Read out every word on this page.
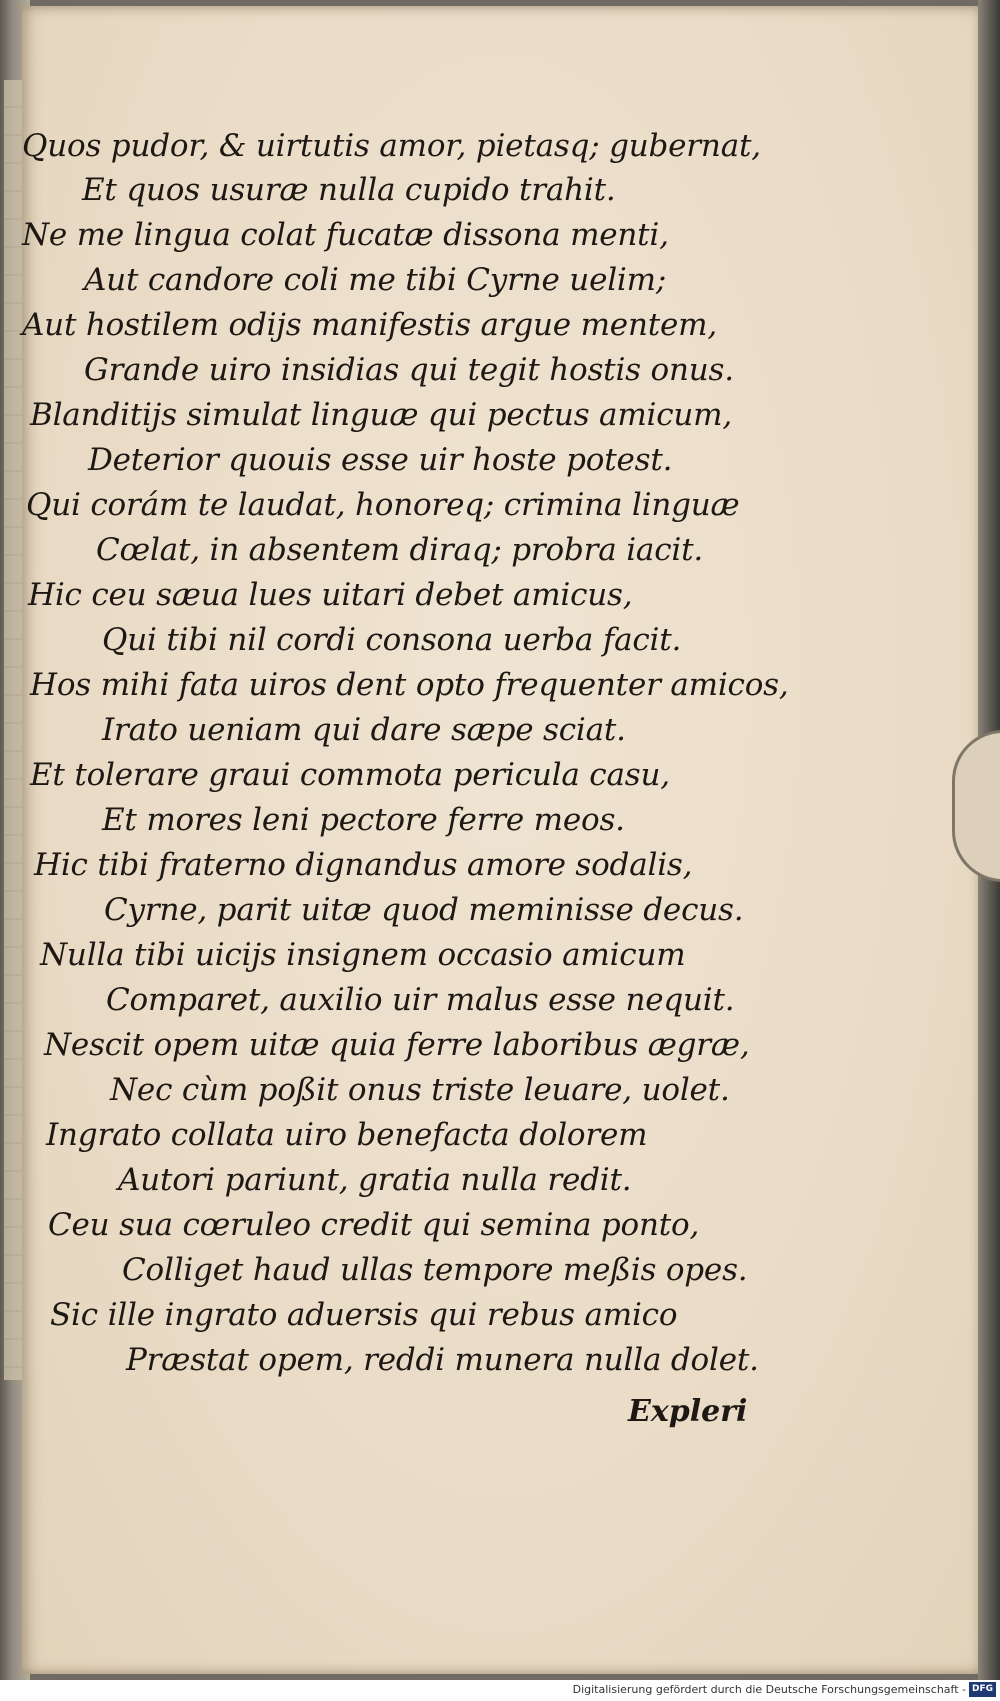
Quos pudor, & uirtutis amor, pietasq; gubernat,
Et quos usuræ nulla cupido trahit.
Ne me lingua colat fucatæ dissona menti,
Aut candore coli me tibi Cyrne uelim;
Aut hostilem odijs manifestis argue mentem,
Grande uiro insidias qui tegit hostis onus.
Blanditijs simulat linguæ qui pectus amicum,
Deterior quouis esse uir hoste potest.
Qui corám te laudat, honoreq; crimina linguæ
Cœlat, in absentem diraq; probra iacit.
Hic ceu sæua lues uitari debet amicus,
Qui tibi nil cordi consona uerba facit.
Hos mihi fata uiros dent opto frequenter amicos,
Irato ueniam qui dare sæpe sciat.
Et tolerare graui commota pericula casu,
Et mores leni pectore ferre meos.
Hic tibi fraterno dignandus amore sodalis,
Cyrne, parit uitæ quod meminisse decus.
Nulla tibi uicijs insignem occasio amicum
Comparet, auxilio uir malus esse nequit.
Nescit opem uitæ quia ferre laboribus ægræ,
Nec cùm poßit onus triste leuare, uolet.
Ingrato collata uiro benefacta dolorem
Autori pariunt, gratia nulla redit.
Ceu sua cœruleo credit qui semina ponto,
Colliget haud ullas tempore meßis opes.
Sic ille ingrato aduersis qui rebus amico
Præstat opem, reddi munera nulla dolet.
Expleri
Digitalisierung gefördert durch die Deutsche Forschungsgemeinschaft - DFG
